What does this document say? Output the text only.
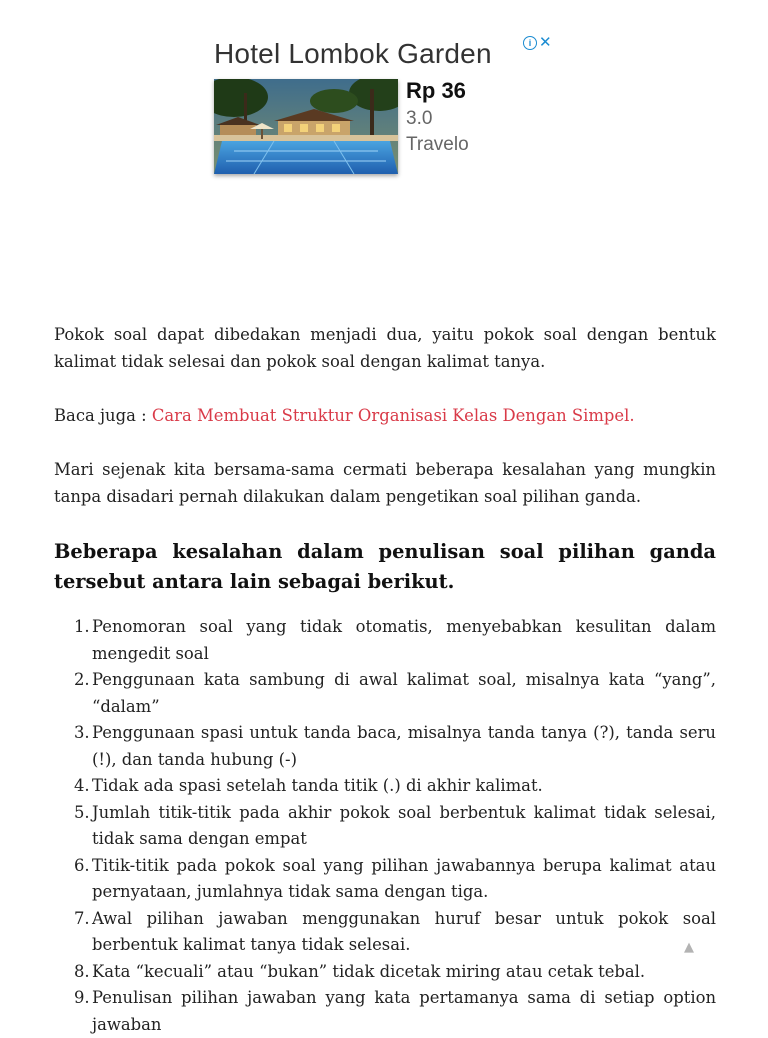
Hotel Lombok Garden	i ✕
Rp 36
3.0
Travelo

Pokok soal dapat dibedakan menjadi dua, yaitu pokok soal dengan bentuk kalimat tidak selesai dan pokok soal dengan kalimat tanya.

Baca juga : Cara Membuat Struktur Organisasi Kelas Dengan Simpel.

Mari sejenak kita bersama-sama cermati beberapa kesalahan yang mungkin tanpa disadari pernah dilakukan dalam pengetikan soal pilihan ganda.

Beberapa kesalahan dalam penulisan soal pilihan ganda tersebut antara lain sebagai berikut.
1. Penomoran soal yang tidak otomatis, menyebabkan kesulitan dalam mengedit soal
2. Penggunaan kata sambung di awal kalimat soal, misalnya kata “yang”, “dalam”
3. Penggunaan spasi untuk tanda baca, misalnya tanda tanya (?), tanda seru (!), dan tanda hubung (-)
4. Tidak ada spasi setelah tanda titik (.) di akhir kalimat.
5. Jumlah titik-titik pada akhir pokok soal berbentuk kalimat tidak selesai, tidak sama dengan empat
6. Titik-titik pada pokok soal yang pilihan jawabannya berupa kalimat atau pernyataan, jumlahnya tidak sama dengan tiga.
7. Awal pilihan jawaban menggunakan huruf besar untuk pokok soal berbentuk kalimat tanya tidak selesai.
8. Kata “kecuali” atau “bukan” tidak dicetak miring atau cetak tebal.
9. Penulisan pilihan jawaban yang kata pertamanya sama di setiap option jawaban
▲
